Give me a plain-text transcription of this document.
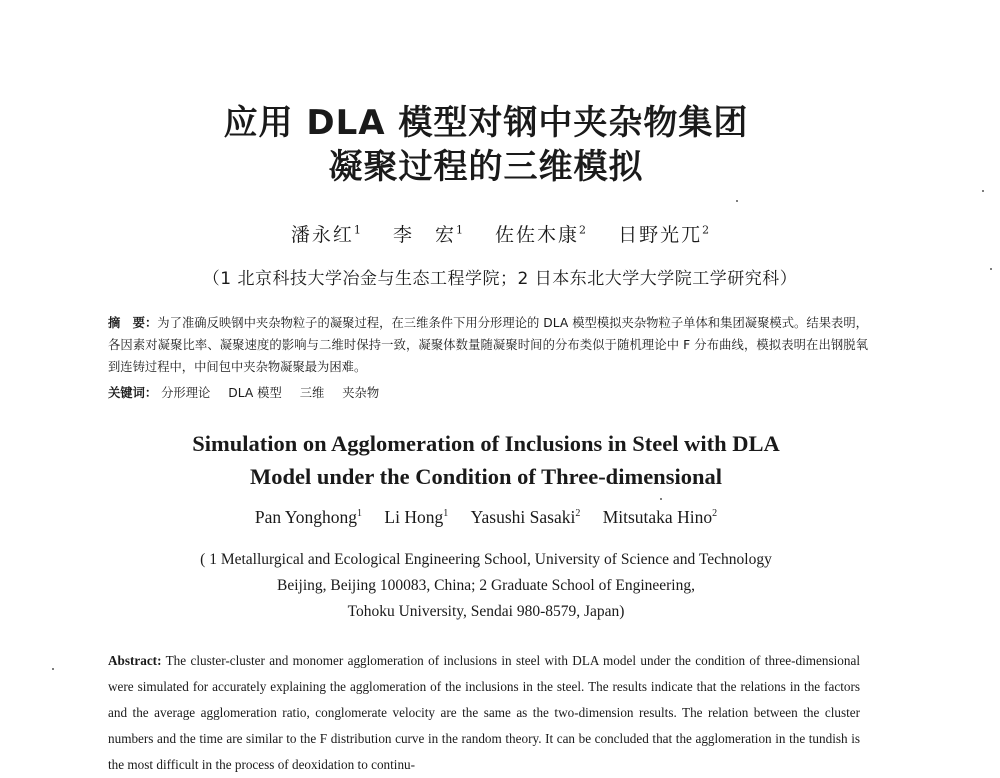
应用 DLA 模型对钢中夹杂物集团
凝聚过程的三维模拟
潘永红$^1$ 李　宏$^1$ 佐佐木康$^2$ 日野光兀$^2$
（1 北京科技大学冶金与生态工程学院；2 日本东北大学大学院工学研究科）
摘　要：为了准确反映钢中夹杂物粒子的凝聚过程，在三维条件下用分形理论的 DLA 模型模拟夹杂物粒子单体和集团凝聚模式。结果表明，各因素对凝聚比率、凝聚速度的影响与二维时保持一致，凝聚体数量随凝聚时间的分布类似于随机理论中 F 分布曲线，模拟表明在出钢脱氧到连铸过程中，中间包中夹杂物凝聚最为困难。
关键词： 分形理论 DLA 模型 三维 夹杂物
Simulation on Agglomeration of Inclusions in Steel with DLA
Model under the Condition of Three-dimensional
Pan Yonghong$^1$ Li Hong$^1$ Yasushi Sasaki$^2$ Mitsutaka Hino$^2$
( 1 Metallurgical and Ecological Engineering School, University of Science and Technology
Beijing, Beijing 100083, China; 2 Graduate School of Engineering,
Tohoku University, Sendai 980-8579, Japan)
Abstract: The cluster-cluster and monomer agglomeration of inclusions in steel with DLA model under the condition of three-dimensional were simulated for accurately explaining the agglomeration of the inclusions in the steel. The results indicate that the relations in the factors and the average agglomeration ratio, conglomerate velocity are the same as the two-dimension results. The relation between the cluster numbers and the time are similar to the F distribution curve in the random theory. It can be concluded that the agglomeration in the tundish is the most difficult in the process of deoxidation to continu-
